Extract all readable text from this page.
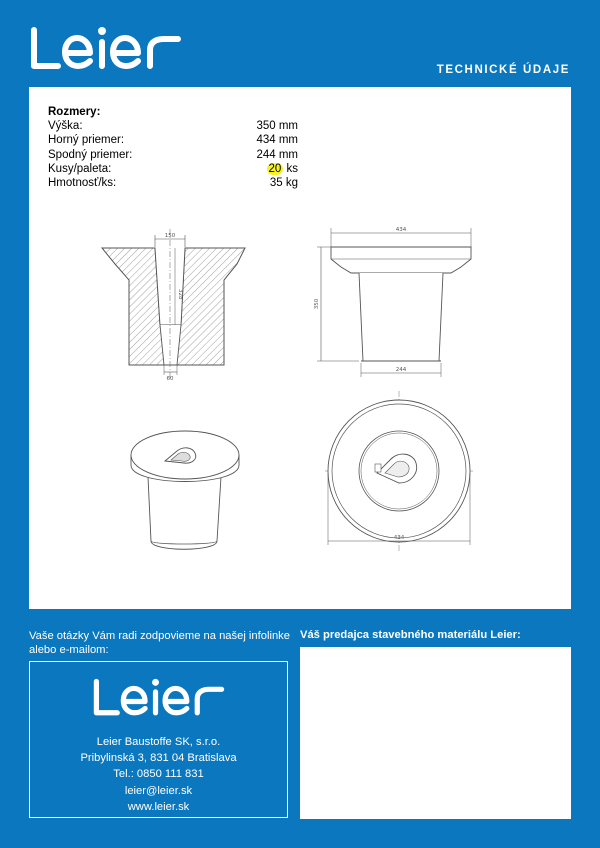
TECHNICKÉ ÚDAJE
Rozmery:
Výška:	350 mm
Horný priemer:	434 mm
Spodný priemer:	244 mm
Kusy/paleta:	20 ks
Hmotnosť/ks:	35 kg
150
328
60
434
350
244
434
Vaše otázky Vám radi zodpovieme na našej infolinke alebo e-mailom:
Leier Baustoffe SK, s.r.o.
Pribylinská 3, 831 04 Bratislava
Tel.: 0850 111 831
leier@leier.sk
www.leier.sk
Váš predajca stavebného materiálu Leier:
